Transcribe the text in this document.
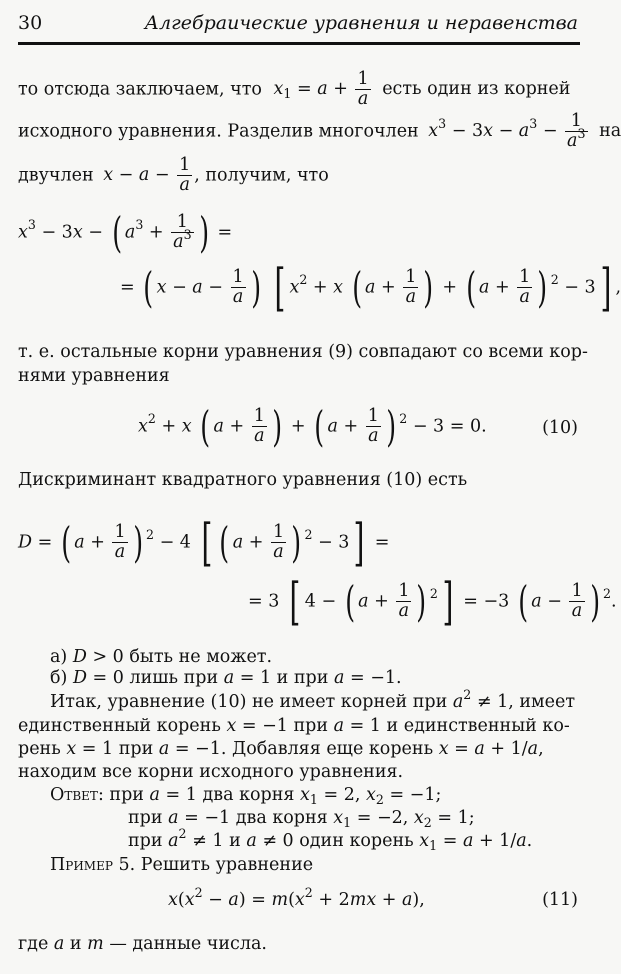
30	Алгебраические уравнения и неравенства
то отсюда заключаем, что $x_1 = a + \frac{1}{a}$ есть один из корней
исходного уравнения. Разделив многочлен $x^3 - 3x - a^3 - \frac{1}{a^3}$ на
двучлен $x - a - \frac{1}{a}$ , получим, что
$x^3 - 3x$ − ( $a^3 + \frac{1}{a^3}$ ) =
= ( $x - a - \frac{1}{a}$ ) [ $x^2 + x$ ( $a + \frac{1}{a}$ ) + ( $a + \frac{1}{a}$ ) $^2$ − 3] ,
т. е. остальные корни уравнения (9) совпадают со всеми кор-
нями уравнения
$x^2 + x$ ( $a + \frac{1}{a}$ ) + ( $a + \frac{1}{a}$ ) $^2$ − 3 = 0.	(10)
Дискриминант квадратного уравнения (10) есть
D = ( $a + \frac{1}{a}$ ) $^2$ − 4 [ ( $a + \frac{1}{a}$ ) $^2$ − 3] =
= 3 [ 4 − ( $a + \frac{1}{a}$ ) $^2$] = −3 ( $a - \frac{1}{a}$ ) $^2$.
а) D > 0 быть не может.
б) D = 0 лишь при a = 1 и при a = −1.
Итак, уравнение (10) не имеет корней при $a^2 \ne 1$, имеет
единственный корень x = −1 при a = 1 и единственный ко-
рень x = 1 при a = −1. Добавляя еще корень x = a + 1/a,
находим все корни исходного уравнения.
Ответ: при a = 1 два корня $x_1 = 2$, $x_2 = -1$;
при a = −1 два корня $x_1 = -2$, $x_2 = 1$;
при $a^2 \ne 1$ и a ≠ 0 один корень $x_1 = a + 1/a$.
Пример 5. Решить уравнение
$x(x^2 - a) = m(x^2 + 2mx + a)$,	(11)
где a и m — данные числа.
